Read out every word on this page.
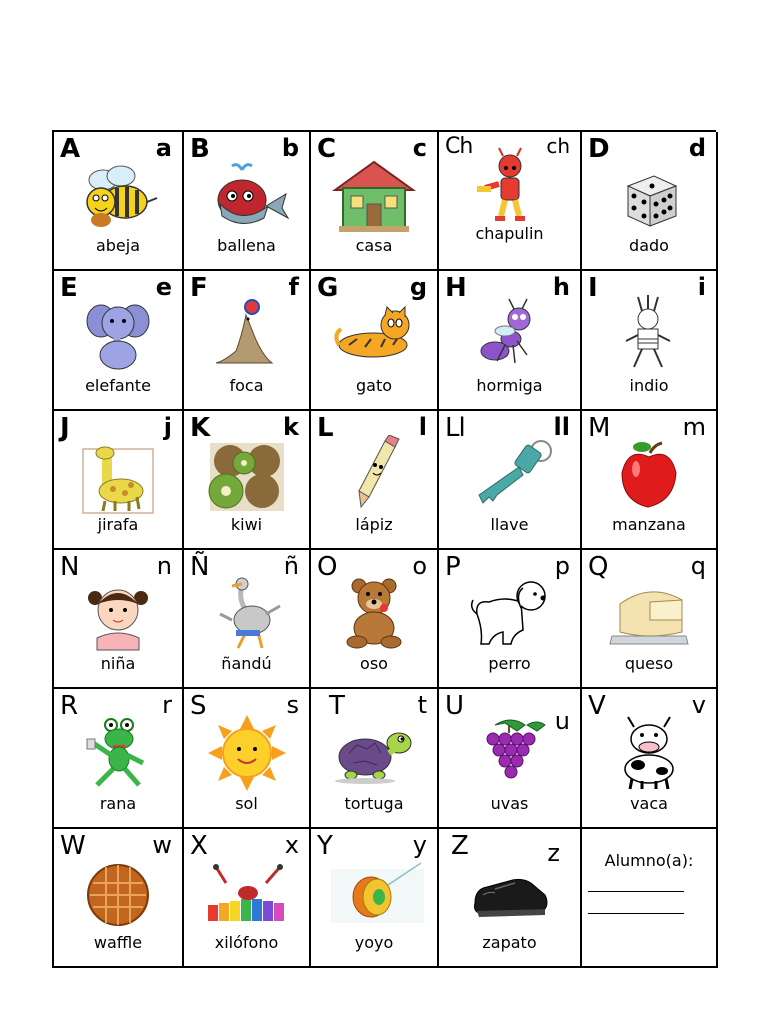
A	a
abeja
B	b
ballena
C	c
casa
Ch	ch
chapulin
D	d
dado
E	e
elefante
F	f
foca
G	g
gato
H	h
hormiga
I	i
indio
J	j
jirafa
K	k
kiwi
L	l
lápiz
Ll	ll
llave
M	m
manzana
N	n
niña
Ñ	ñ
ñandú
O	o
oso
P	p
perro
Q	q
queso
R	r
rana
S	s
sol
T	t
tortuga
U	u
uvas
V	v
vaca
W	w
waffle
X	x
xilófono
Y	y
yoyo
Z	z
zapato
Alumno(a):
